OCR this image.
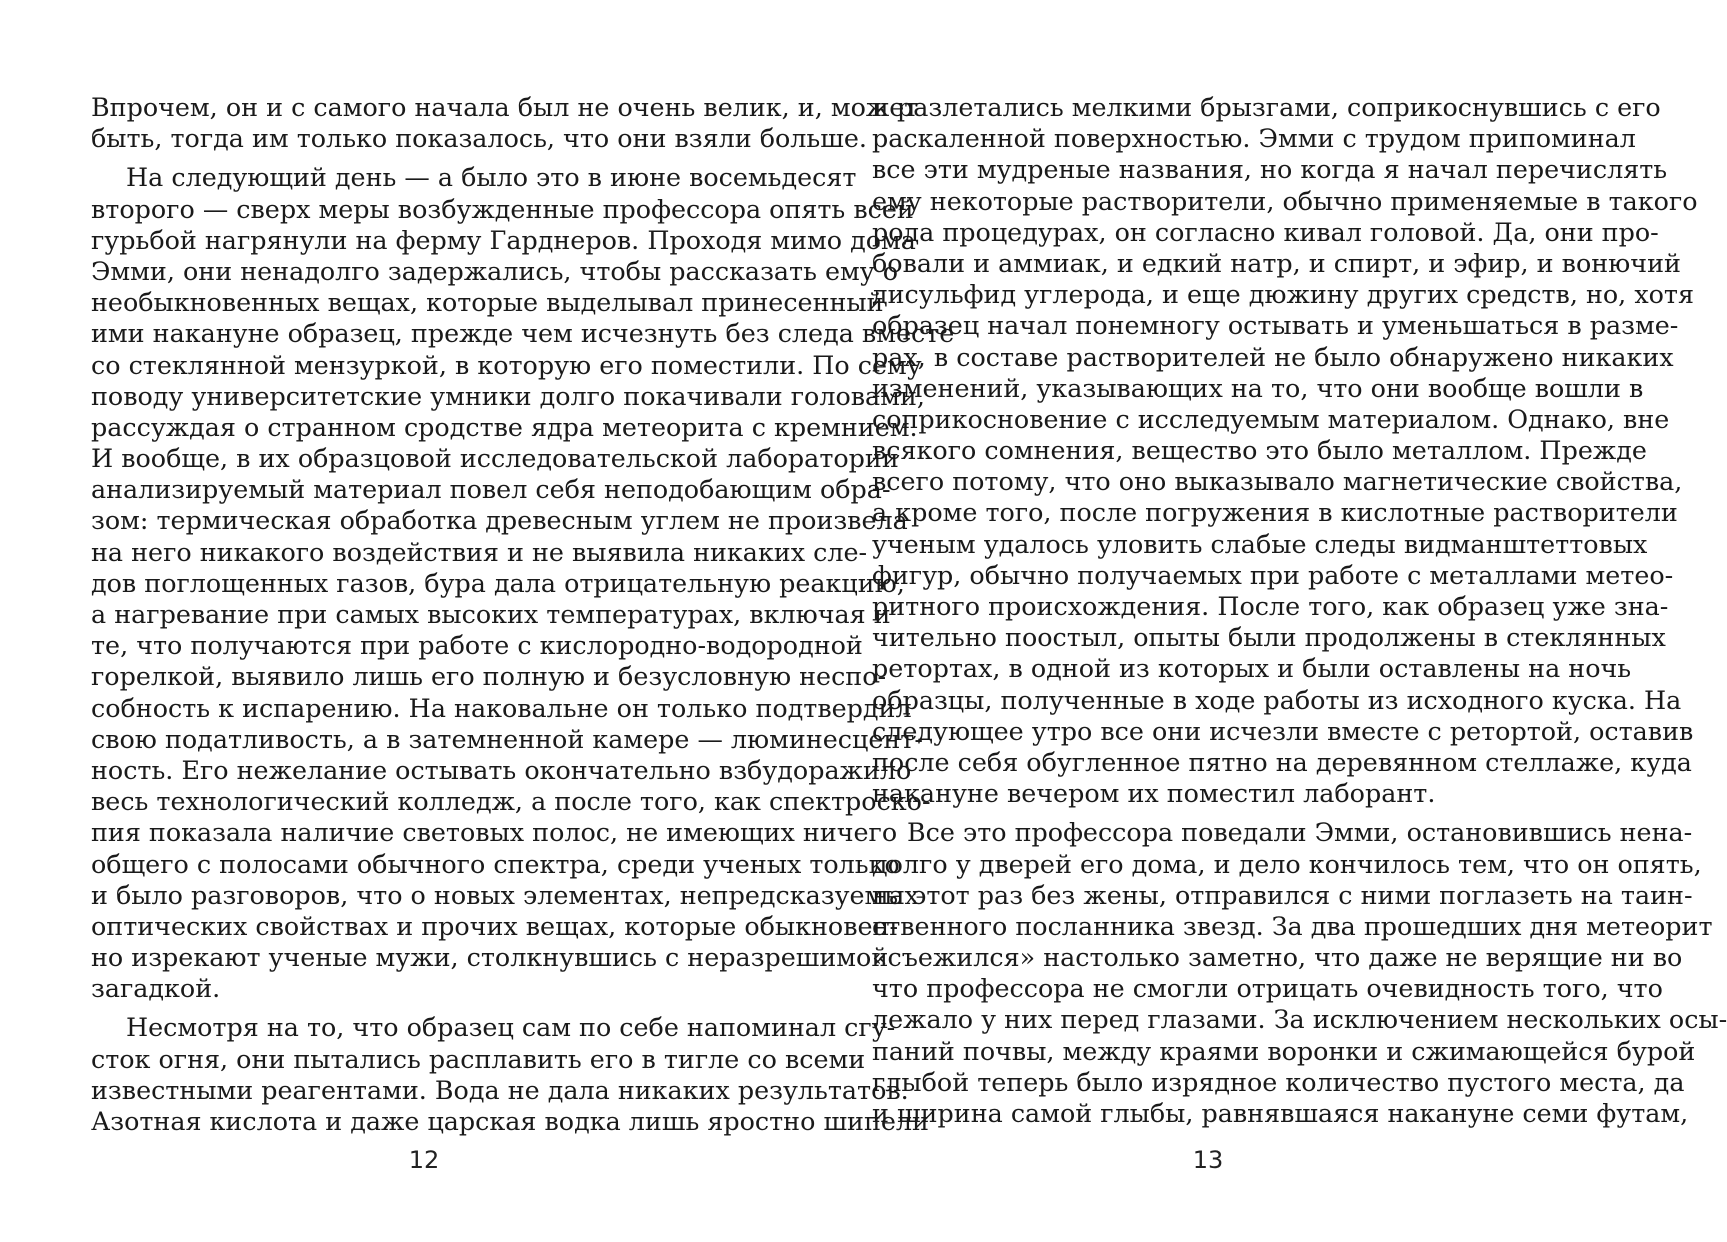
Впрочем, он и с самого начала был не очень велик, и, может
быть, тогда им только показалось, что они взяли больше.
На следующий день — а было это в июне восемьдесят
второго — сверх меры возбужденные профессора опять всей
гурьбой нагрянули на ферму Гарднеров. Проходя мимо дома
Эмми, они ненадолго задержались, чтобы рассказать ему о
необыкновенных вещах, которые выделывал принесенный
ими накануне образец, прежде чем исчезнуть без следа вместе
со стеклянной мензуркой, в которую его поместили. По сему
поводу университетские умники долго покачивали головами,
рассуждая о странном сродстве ядра метеорита с кремнием.
И вообще, в их образцовой исследовательской лаборатории
анализируемый материал повел себя неподобающим обра-
зом: термическая обработка древесным углем не произвела
на него никакого воздействия и не выявила никаких сле-
дов поглощенных газов, бура дала отрицательную реакцию,
а нагревание при самых высоких температурах, включая и
те, что получаются при работе с кислородно-водородной
горелкой, выявило лишь его полную и безусловную неспо-
собность к испарению. На наковальне он только подтвердил
свою податливость, а в затемненной камере — люминесцент-
ность. Его нежелание остывать окончательно взбудоражило
весь технологический колледж, а после того, как спектроско-
пия показала наличие световых полос, не имеющих ничего
общего с полосами обычного спектра, среди ученых только
и было разговоров, что о новых элементах, непредсказуемых
оптических свойствах и прочих вещах, которые обыкновен-
но изрекают ученые мужи, столкнувшись с неразрешимой
загадкой.
Несмотря на то, что образец сам по себе напоминал сгу-
сток огня, они пытались расплавить его в тигле со всеми
известными реагентами. Вода не дала никаких результатов.
Азотная кислота и даже царская водка лишь яростно шипели
и разлетались мелкими брызгами, соприкоснувшись с его
раскаленной поверхностью. Эмми с трудом припоминал
все эти мудреные названия, но когда я начал перечислять
ему некоторые растворители, обычно применяемые в такого
рода процедурах, он согласно кивал головой. Да, они про-
бовали и аммиак, и едкий натр, и спирт, и эфир, и вонючий
дисульфид углерода, и еще дюжину других средств, но, хотя
образец начал понемногу остывать и уменьшаться в разме-
рах, в составе растворителей не было обнаружено никаких
изменений, указывающих на то, что они вообще вошли в
соприкосновение с исследуемым материалом. Однако, вне
всякого сомнения, вещество это было металлом. Прежде
всего потому, что оно выказывало магнетические свойства,
а кроме того, после погружения в кислотные растворители
ученым удалось уловить слабые следы видманштеттовых
фигур, обычно получаемых при работе с металлами метео-
ритного происхождения. После того, как образец уже зна-
чительно поостыл, опыты были продолжены в стеклянных
ретортах, в одной из которых и были оставлены на ночь
образцы, полученные в ходе работы из исходного куска. На
следующее утро все они исчезли вместе с ретортой, оставив
после себя обугленное пятно на деревянном стеллаже, куда
накануне вечером их поместил лаборант.
Все это профессора поведали Эмми, остановившись нена-
долго у дверей его дома, и дело кончилось тем, что он опять,
на этот раз без жены, отправился с ними поглазеть на таин-
ственного посланника звезд. За два прошедших дня метеорит
«съежился» настолько заметно, что даже не верящие ни во
что профессора не смогли отрицать очевидность того, что
лежало у них перед глазами. За исключением нескольких осы-
паний почвы, между краями воронки и сжимающейся бурой
глыбой теперь было изрядное количество пустого места, да
и ширина самой глыбы, равнявшаяся накануне семи футам,
12	13
